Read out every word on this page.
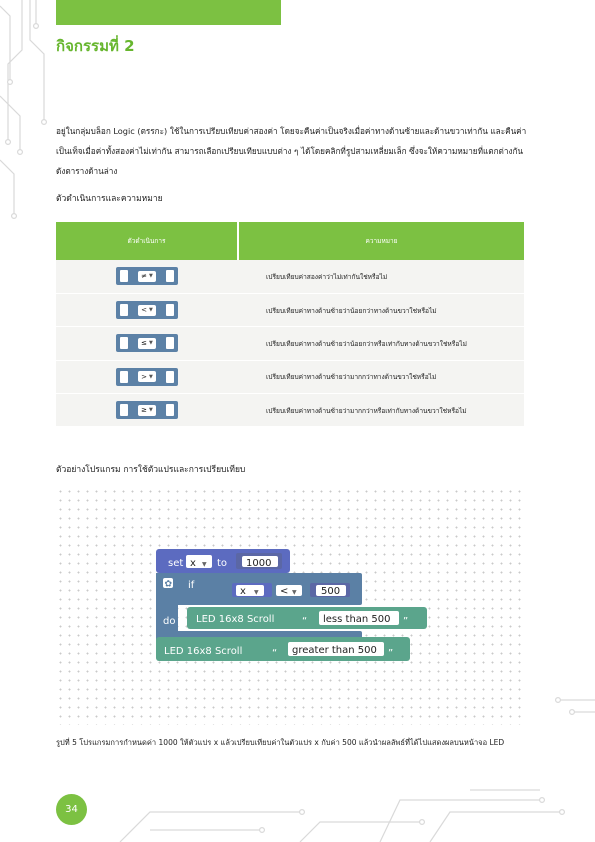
กิจกรรมที่ 2

อยู่ในกลุ่มบล็อก Logic (ตรรกะ) ใช้ในการเปรียบเทียบค่าสองค่า โดยจะคืนค่าเป็นจริงเมื่อค่าทางด้านซ้ายและด้านขวาเท่ากัน และคืนค่าเป็นเท็จเมื่อค่าทั้งสองค่าไม่เท่ากัน สามารถเลือกเปรียบเทียบแบบต่าง ๆ ได้โดยคลิกที่รูปสามเหลี่ยมเล็ก ซึ่งจะให้ความหมายที่แตกต่างกัน ดังตารางด้านล่าง

ตัวดำเนินการและความหมาย
ตัวดำเนินการ	ความหมาย

≠ ▼	เปรียบเทียบค่าสองค่าว่าไม่เท่ากันใช่หรือไม่

< ▼	เปรียบเทียบค่าทางด้านซ้ายว่าน้อยกว่าทางด้านขวาใช่หรือไม่

≤ ▼	เปรียบเทียบค่าทางด้านซ้ายว่าน้อยกว่าหรือเท่ากับทางด้านขวาใช่หรือไม่

> ▼	เปรียบเทียบค่าทางด้านซ้ายว่ามากกว่าทางด้านขวาใช่หรือไม่

≥ ▼	เปรียบเทียบค่าทางด้านซ้ายว่ามากกว่าหรือเท่ากับทางด้านขวาใช่หรือไม่
ตัวอย่างโปรแกรม การใช้ตัวแปรและการเปรียบเทียบ
set x ▼ to 1000
✿ if
x ▼ < ▼ 500
do LED 16x8 Scroll	“ less than 500 ”
LED 16x8 Scroll	“ greater than 500 ”

รูปที่ 5 โปรแกรมการกำหนดค่า 1000 ให้ตัวแปร x แล้วเปรียบเทียบค่าในตัวแปร x กับค่า 500 แล้วนำผลลัพธ์ที่ได้ไปแสดงผลบนหน้าจอ LED

34
